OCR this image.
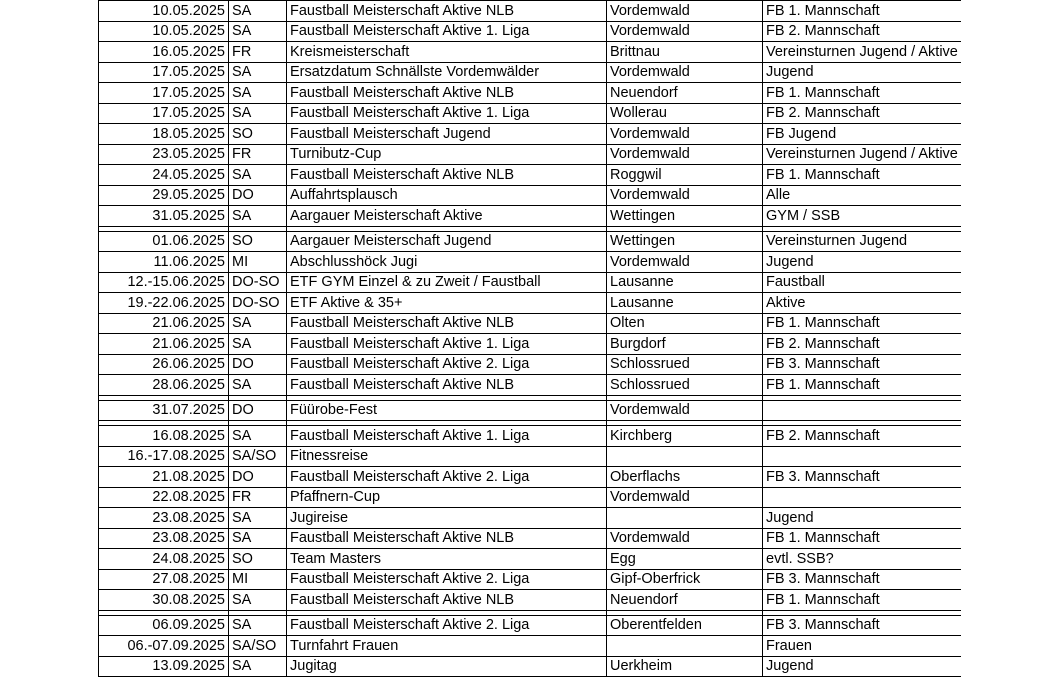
10.05.2025	SA	Faustball Meisterschaft Aktive NLB	Vordemwald	FB 1. Mannschaft
10.05.2025	SA	Faustball Meisterschaft Aktive 1. Liga	Vordemwald	FB 2. Mannschaft
16.05.2025	FR	Kreismeisterschaft	Brittnau	Vereinsturnen Jugend / Aktive
17.05.2025	SA	Ersatzdatum Schnällste Vordemwälder	Vordemwald	Jugend
17.05.2025	SA	Faustball Meisterschaft Aktive NLB	Neuendorf	FB 1. Mannschaft
17.05.2025	SA	Faustball Meisterschaft Aktive 1. Liga	Wollerau	FB 2. Mannschaft
18.05.2025	SO	Faustball Meisterschaft Jugend	Vordemwald	FB Jugend
23.05.2025	FR	Turnibutz-Cup	Vordemwald	Vereinsturnen Jugend / Aktive
24.05.2025	SA	Faustball Meisterschaft Aktive NLB	Roggwil	FB 1. Mannschaft
29.05.2025	DO	Auffahrtsplausch	Vordemwald	Alle
31.05.2025	SA	Aargauer Meisterschaft Aktive	Wettingen	GYM / SSB

01.06.2025	SO	Aargauer Meisterschaft Jugend	Wettingen	Vereinsturnen Jugend
11.06.2025	MI	Abschlusshöck Jugi	Vordemwald	Jugend
12.-15.06.2025	DO-SO	ETF GYM Einzel & zu Zweit / Faustball	Lausanne	Faustball
19.-22.06.2025	DO-SO	ETF Aktive & 35+	Lausanne	Aktive
21.06.2025	SA	Faustball Meisterschaft Aktive NLB	Olten	FB 1. Mannschaft
21.06.2025	SA	Faustball Meisterschaft Aktive 1. Liga	Burgdorf	FB 2. Mannschaft
26.06.2025	DO	Faustball Meisterschaft Aktive 2. Liga	Schlossrued	FB 3. Mannschaft
28.06.2025	SA	Faustball Meisterschaft Aktive NLB	Schlossrued	FB 1. Mannschaft

31.07.2025	DO	Füürobe-Fest	Vordemwald	

16.08.2025	SA	Faustball Meisterschaft Aktive 1. Liga	Kirchberg	FB 2. Mannschaft
16.-17.08.2025	SA/SO	Fitnessreise		
21.08.2025	DO	Faustball Meisterschaft Aktive 2. Liga	Oberflachs	FB 3. Mannschaft
22.08.2025	FR	Pfaffnern-Cup	Vordemwald	
23.08.2025	SA	Jugireise		Jugend
23.08.2025	SA	Faustball Meisterschaft Aktive NLB	Vordemwald	FB 1. Mannschaft
24.08.2025	SO	Team Masters	Egg	evtl. SSB?
27.08.2025	MI	Faustball Meisterschaft Aktive 2. Liga	Gipf-Oberfrick	FB 3. Mannschaft
30.08.2025	SA	Faustball Meisterschaft Aktive NLB	Neuendorf	FB 1. Mannschaft

06.09.2025	SA	Faustball Meisterschaft Aktive 2. Liga	Oberentfelden	FB 3. Mannschaft
06.-07.09.2025	SA/SO	Turnfahrt Frauen		Frauen
13.09.2025	SA	Jugitag	Uerkheim	Jugend
